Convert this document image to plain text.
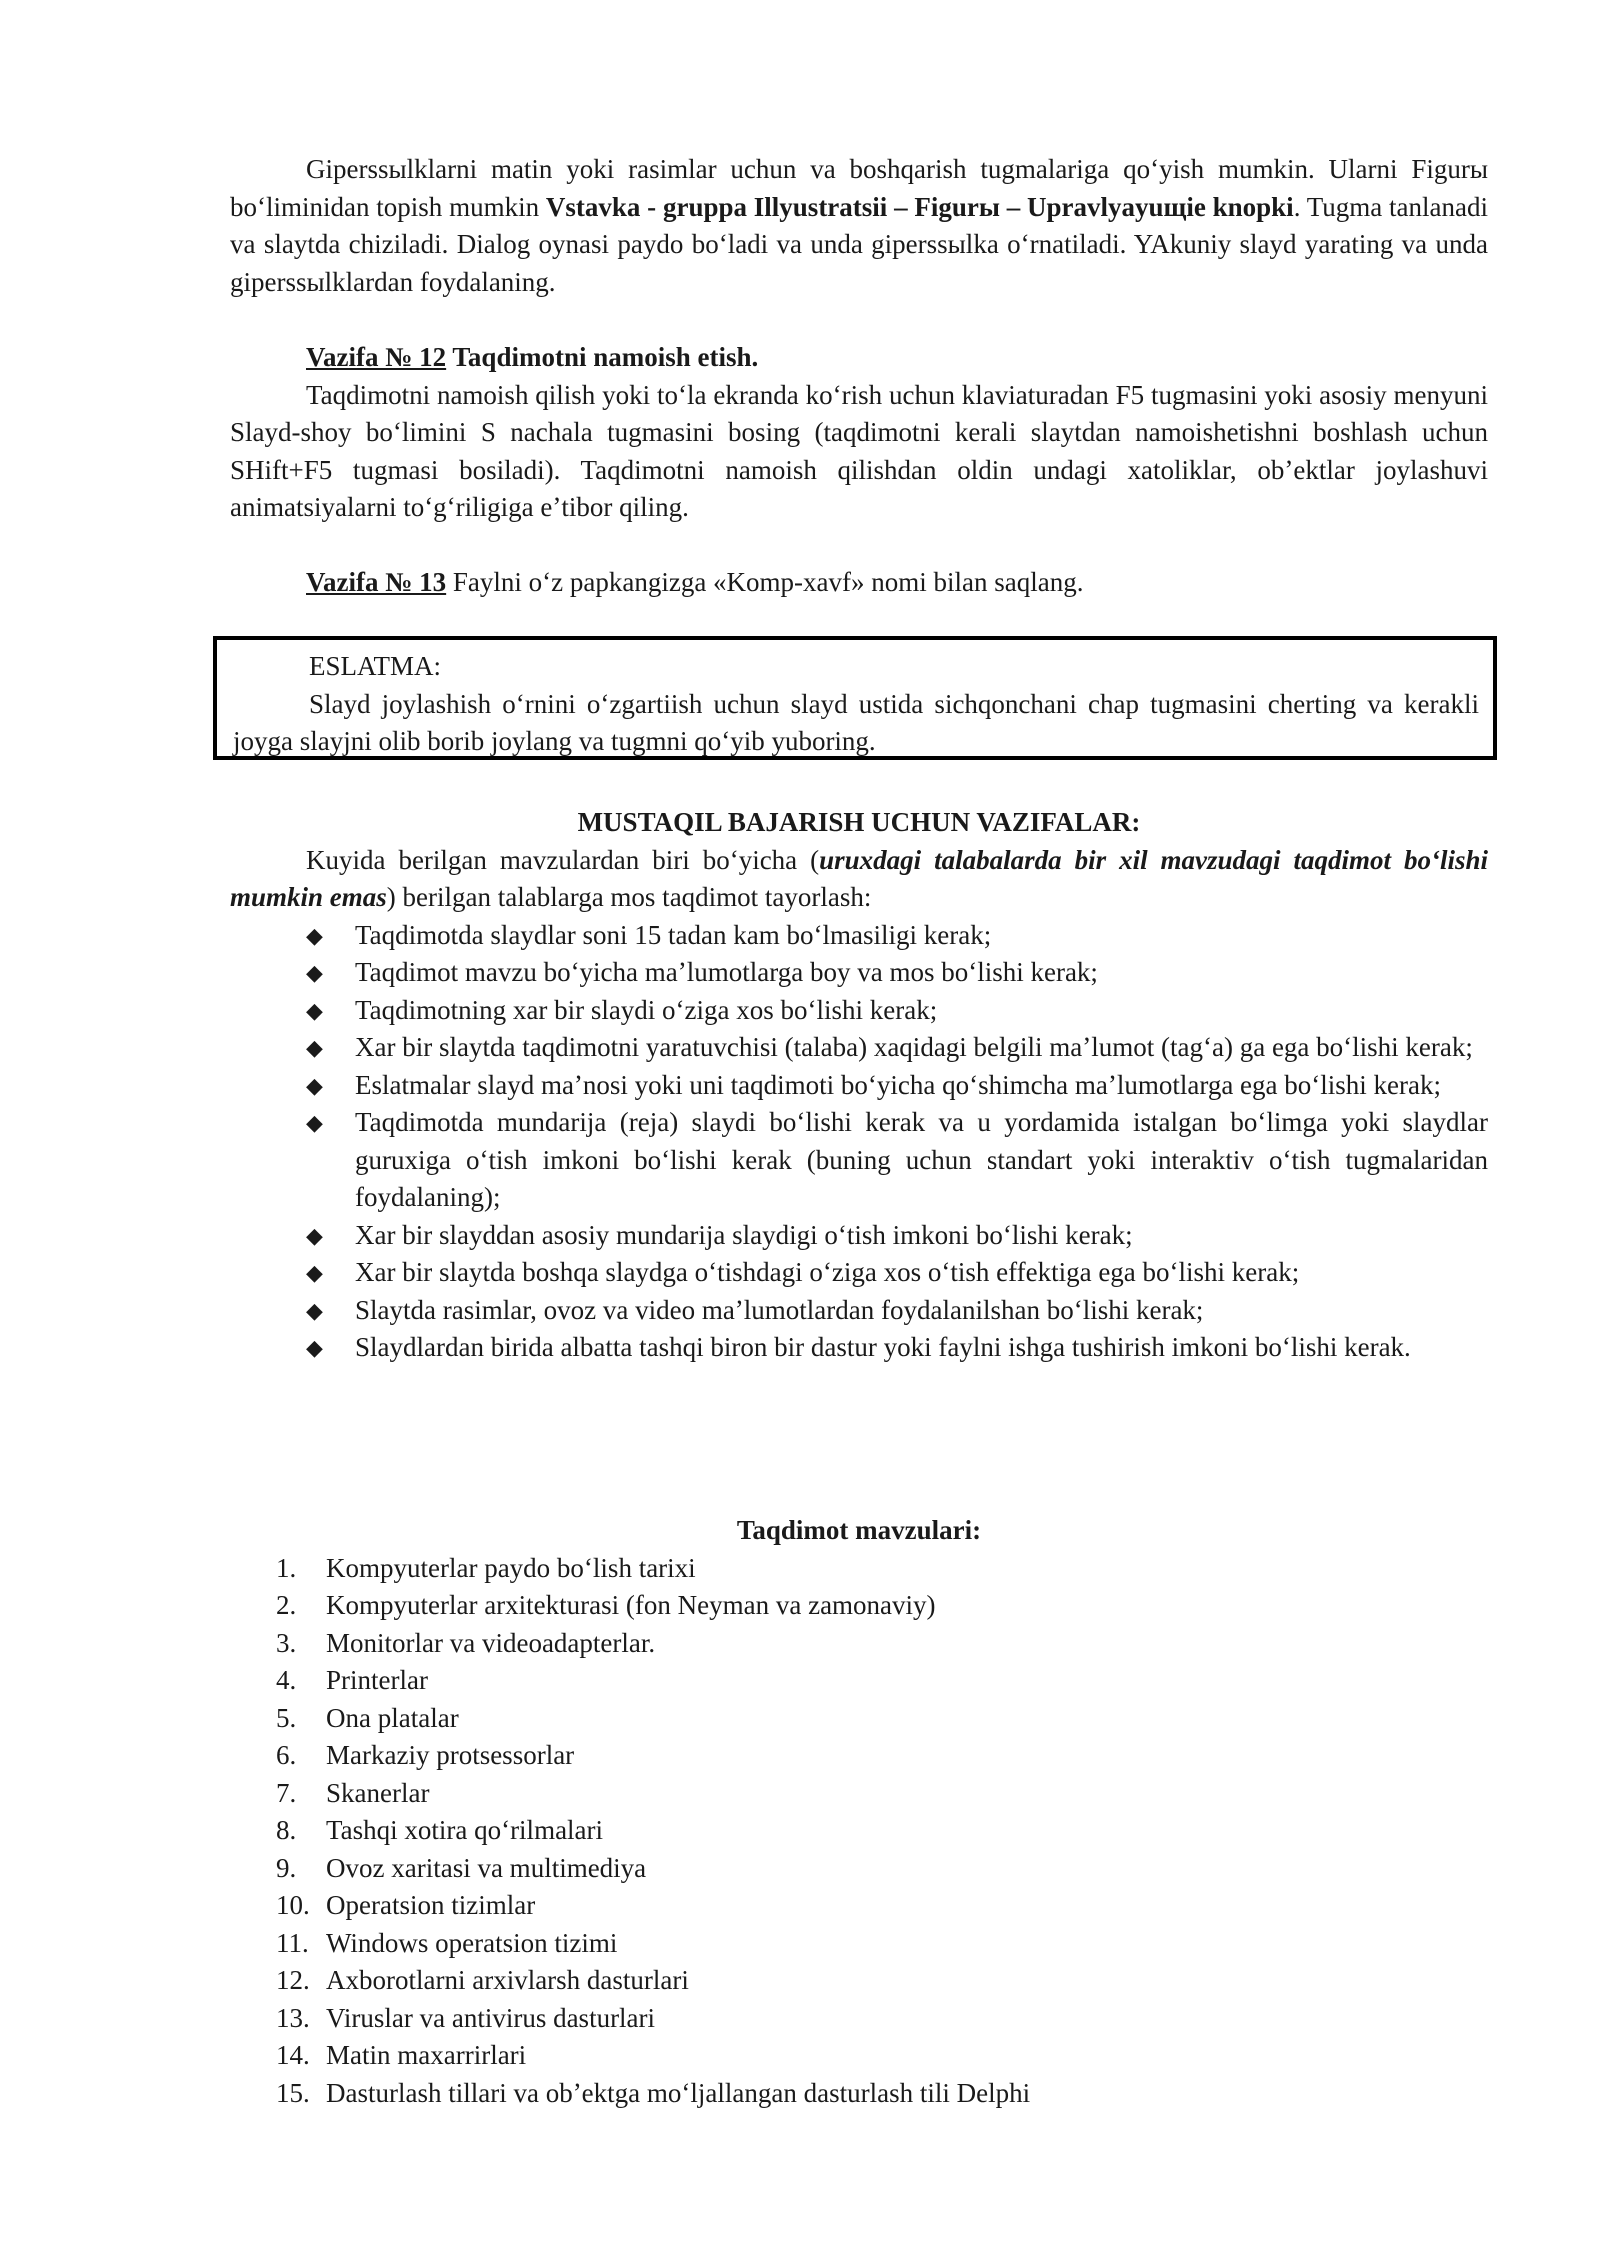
Giperssыlklarni matin yoki rasimlar uchun va boshqarish tugmalariga qoʻyish mumkin. Ularni Figurы boʻliminidan topish mumkin Vstavka - gruppa Illyustratsii – Figurы – Upravlyayuщie knopki. Tugma tanlanadi va slaytda chiziladi. Dialog oynasi paydo boʻladi va unda giperssыlka oʻrnatiladi. YAkuniy slayd yarating va unda giperssыlklardan foydalaning.

Vazifa № 12 Taqdimotni namoish etish.

Taqdimotni namoish qilish yoki toʻla ekranda koʻrish uchun klaviaturadan F5 tugmasini yoki asosiy menyuni Slayd-shoy boʻlimini S nachala tugmasini bosing (taqdimotni kerali slaytdan namoishetishni boshlash uchun SHift+F5 tugmasi bosiladi). Taqdimotni namoish qilishdan oldin undagi xatoliklar, obʼektlar joylashuvi animatsiyalarni toʻgʻriligiga eʼtibor qiling.

Vazifa № 13 Faylni oʻz papkangizga «Komp-xavf» nomi bilan saqlang.

ESLATMA:

Slayd joylashish oʻrnini oʻzgartiish uchun slayd ustida sichqonchani chap tugmasini cherting va kerakli joyga slayjni olib borib joylang va tugmni qoʻyib yuboring.

MUSTAQIL BAJARISH UCHUN VAZIFALAR:

Kuyida berilgan mavzulardan biri boʻyicha (uruxdagi talabalarda bir xil mavzudagi taqdimot boʻlishi mumkin emas) berilgan talablarga mos taqdimot tayorlash:

◆ Taqdimotda slaydlar soni 15 tadan kam boʻlmasiligi kerak;
◆ Taqdimot mavzu boʻyicha maʼlumotlarga boy va mos boʻlishi kerak;
◆ Taqdimotning xar bir slaydi oʻziga xos boʻlishi kerak;
◆ Xar bir slaytda taqdimotni yaratuvchisi (talaba) xaqidagi belgili maʼlumot (tagʻa) ga ega boʻlishi kerak;
◆ Eslatmalar slayd maʼnosi yoki uni taqdimoti boʻyicha qoʻshimcha maʼlumotlarga ega boʻlishi kerak;
◆ Taqdimotda mundarija (reja) slaydi boʻlishi kerak va u yordamida istalgan boʻlimga yoki slaydlar guruxiga oʻtish imkoni boʻlishi kerak (buning uchun standart yoki interaktiv oʻtish tugmalaridan foydalaning);
◆ Xar bir slayddan asosiy mundarija slaydigi oʻtish imkoni boʻlishi kerak;
◆ Xar bir slaytda boshqa slaydga oʻtishdagi oʻziga xos oʻtish effektiga ega boʻlishi kerak;
◆ Slaytda rasimlar, ovoz va video maʼlumotlardan foydalanilshan boʻlishi kerak;
◆ Slaydlardan birida albatta tashqi biron bir dastur yoki faylni ishga tushirish imkoni boʻlishi kerak.

Taqdimot mavzulari:

1. Kompyuterlar paydo boʻlish tarixi
2. Kompyuterlar arxitekturasi (fon Neyman va zamonaviy)
3. Monitorlar va videoadapterlar.
4. Printerlar
5. Ona platalar
6. Markaziy protsessorlar
7. Skanerlar
8. Tashqi xotira qoʻrilmalari
9. Ovoz xaritasi va multimediya
10. Operatsion tizimlar
11. Windows operatsion tizimi
12. Axborotlarni arxivlarsh dasturlari
13. Viruslar va antivirus dasturlari
14. Matin maxarrirlari
15. Dasturlash tillari va obʼektga moʻljallangan dasturlash tili Delphi
